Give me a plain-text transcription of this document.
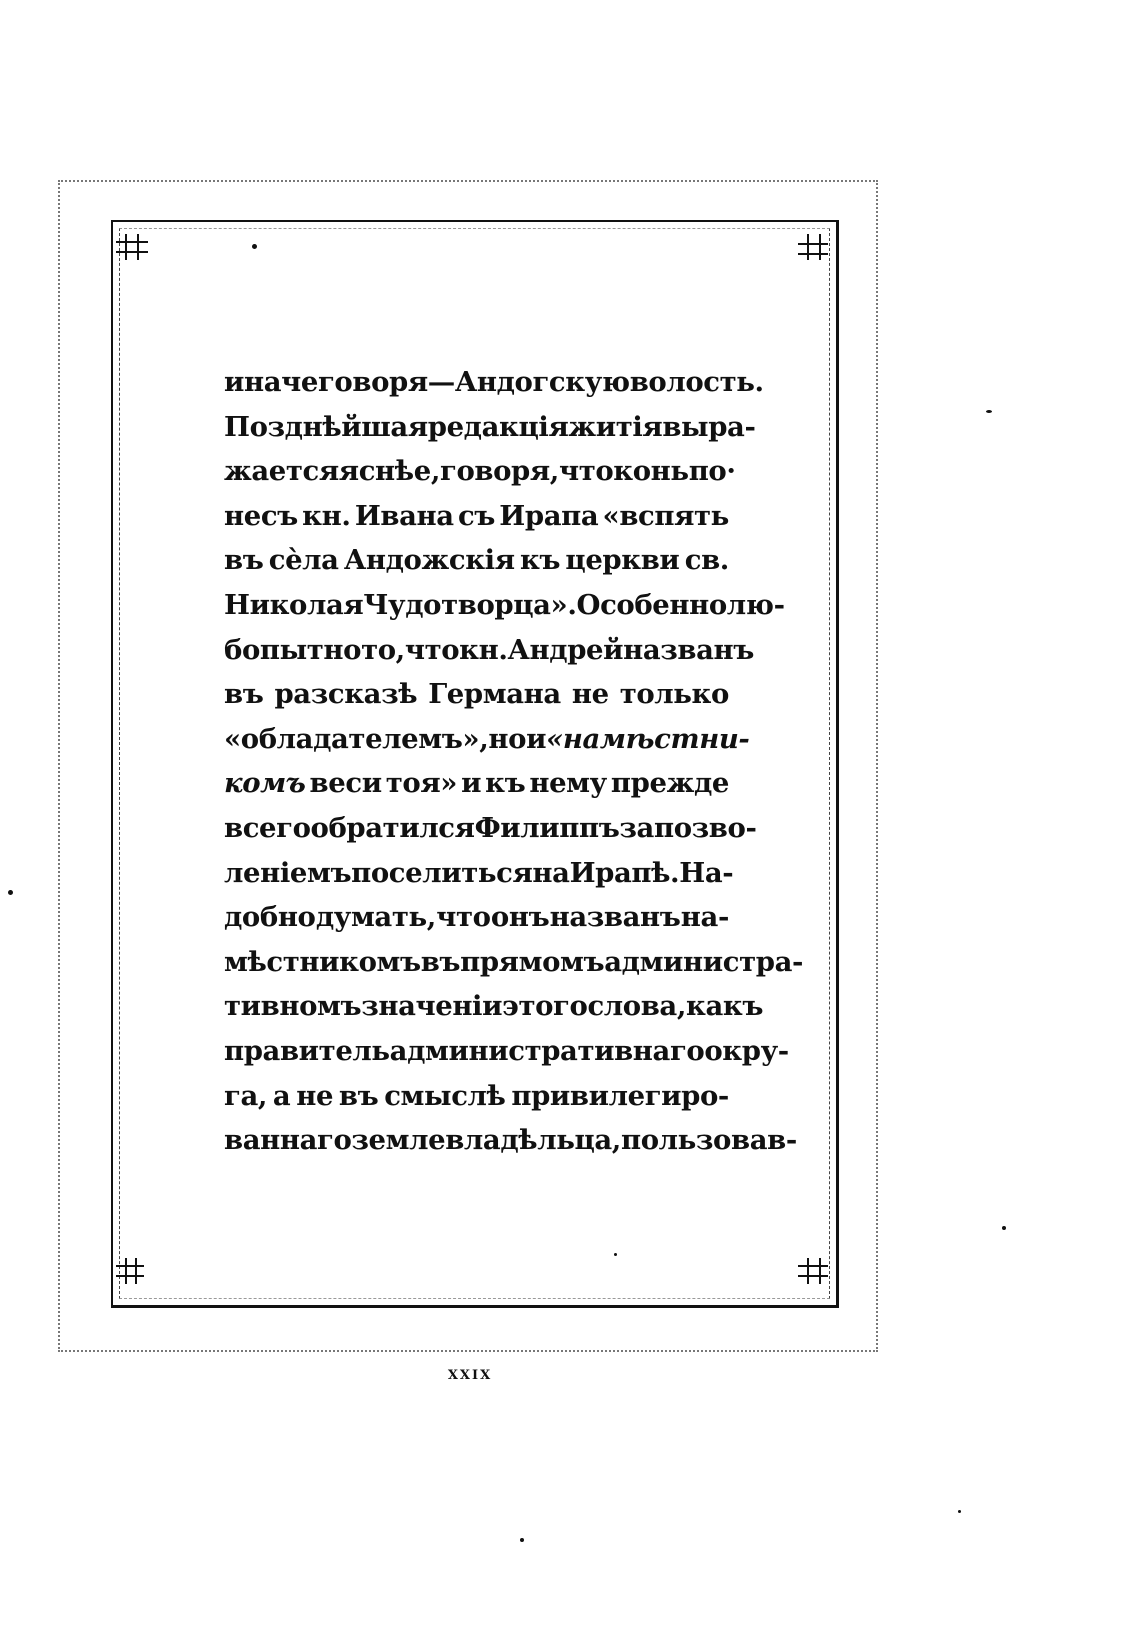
иначе говоря—Андогскую волость.
Позднѣйшая редакція житія выра-
жается яснѣе, говоря, что конь по·
несъ кн. Ивана съ Ирапа «вспять
въ сѐла Андожскія къ церкви св.
Николая Чудотворца». Особенно лю-
бопытно то, что кн. Андрей названъ
въ разсказѣ Германа не только
«обладателемъ», но и «намѣстни-
комъ веси тоя» и къ нему прежде
всего обратился Филиппъ за позво-
леніемъ поселиться на Ирапѣ. На-
добно думать, что онъ названъ на-
мѣстникомъ въ прямомъ администра-
тивномъ значеніи этого слова, какъ
правитель административнаго окру-
га, а не въ смыслѣ привилегиро-
ваннаго землевладѣльца, пользовав-
XXIX
